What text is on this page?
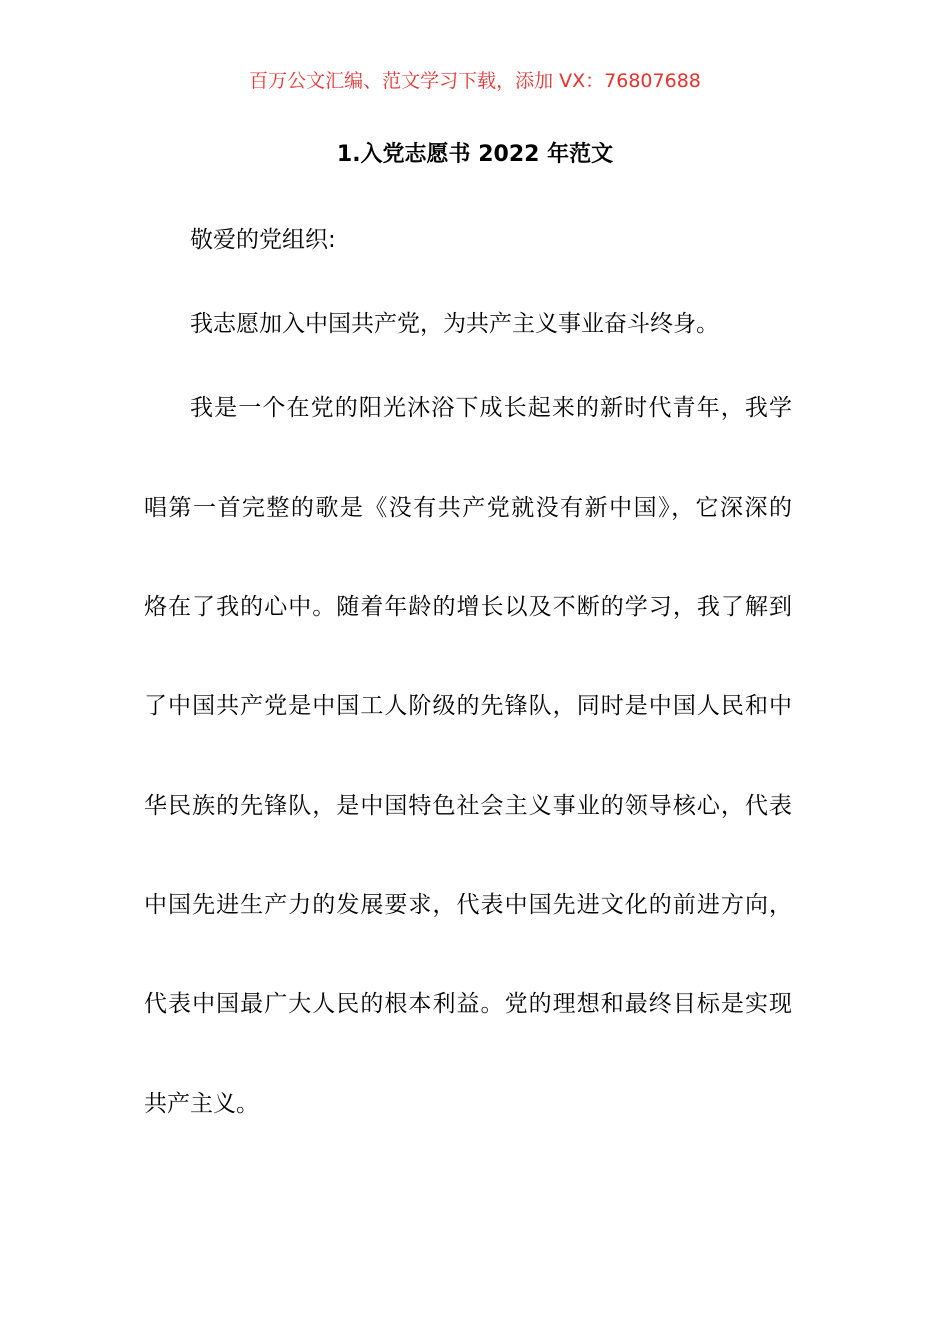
百万公文汇编、范文学习下载，添加 VX：76807688
1.入党志愿书 2022 年范文
敬爱的党组织:
我志愿加入中国共产党，为共产主义事业奋斗终身。
我是一个在党的阳光沐浴下成长起来的新时代青年，我学
唱第一首完整的歌是《没有共产党就没有新中国》，它深深的
烙在了我的心中。随着年龄的增长以及不断的学习，我了解到
了中国共产党是中国工人阶级的先锋队，同时是中国人民和中
华民族的先锋队，是中国特色社会主义事业的领导核心，代表
中国先进生产力的发展要求，代表中国先进文化的前进方向，
代表中国最广大人民的根本利益。党的理想和最终目标是实现
共产主义。
